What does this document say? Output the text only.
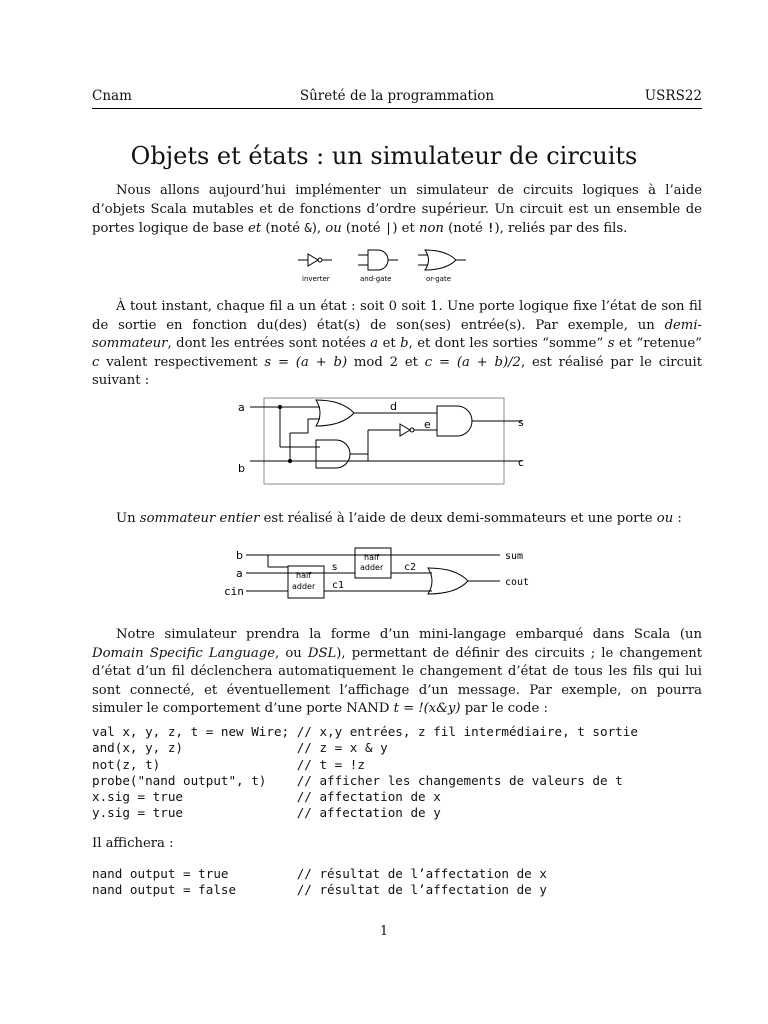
Cnam	Sûreté de la programmation	USRS22
Objets et états : un simulateur de circuits

Nous allons aujourd’hui implémenter un simulateur de circuits logiques à l’aide d’objets Scala mutables et de fonctions d’ordre supérieur. Un circuit est un ensemble de portes logique de base et (noté &), ou (noté |) et non (noté !), reliés par des fils.

inverter	and-gate	or-gate

À tout instant, chaque fil a un état : soit 0 soit 1. Une porte logique fixe l’état de son fil de sortie en fonction du(des) état(s) de son(ses) entrée(s). Par exemple, un demi-sommateur, dont les entrées sont notées a et b, et dont les sorties “somme” s et “retenue” c valent respectivement s = (a + b) mod 2 et c = (a + b)/2, est réalisé par le circuit suivant :

a
b
d
e	s
c

Un sommateur entier est réalisé à l’aide de deux demi-sommateurs et une porte ou :

b
a
cin
half
adder
half
adder
s
c1
c2
sum
cout

Notre simulateur prendra la forme d’un mini-langage embarqué dans Scala (un Domain Specific Language, ou DSL), permettant de définir des circuits ; le changement d’état d’un fil déclenchera automatiquement le changement d’état de tous les fils qui lui sont connecté, et éventuellement l’affichage d’un message. Par exemple, on pourra simuler le comportement d’une porte NAND t = !(x&y) par le code :

val x, y, z, t = new Wire; // x,y entrées, z fil intermédiaire, t sortie
and(x, y, z)               // z = x & y
not(z, t)                  // t = !z
probe("nand output", t)    // afficher les changements de valeurs de t
x.sig = true               // affectation de x
y.sig = true               // affectation de y
Il affichera :
nand output = true         // résultat de l’affectation de x
nand output = false        // résultat de l’affectation de y
1
